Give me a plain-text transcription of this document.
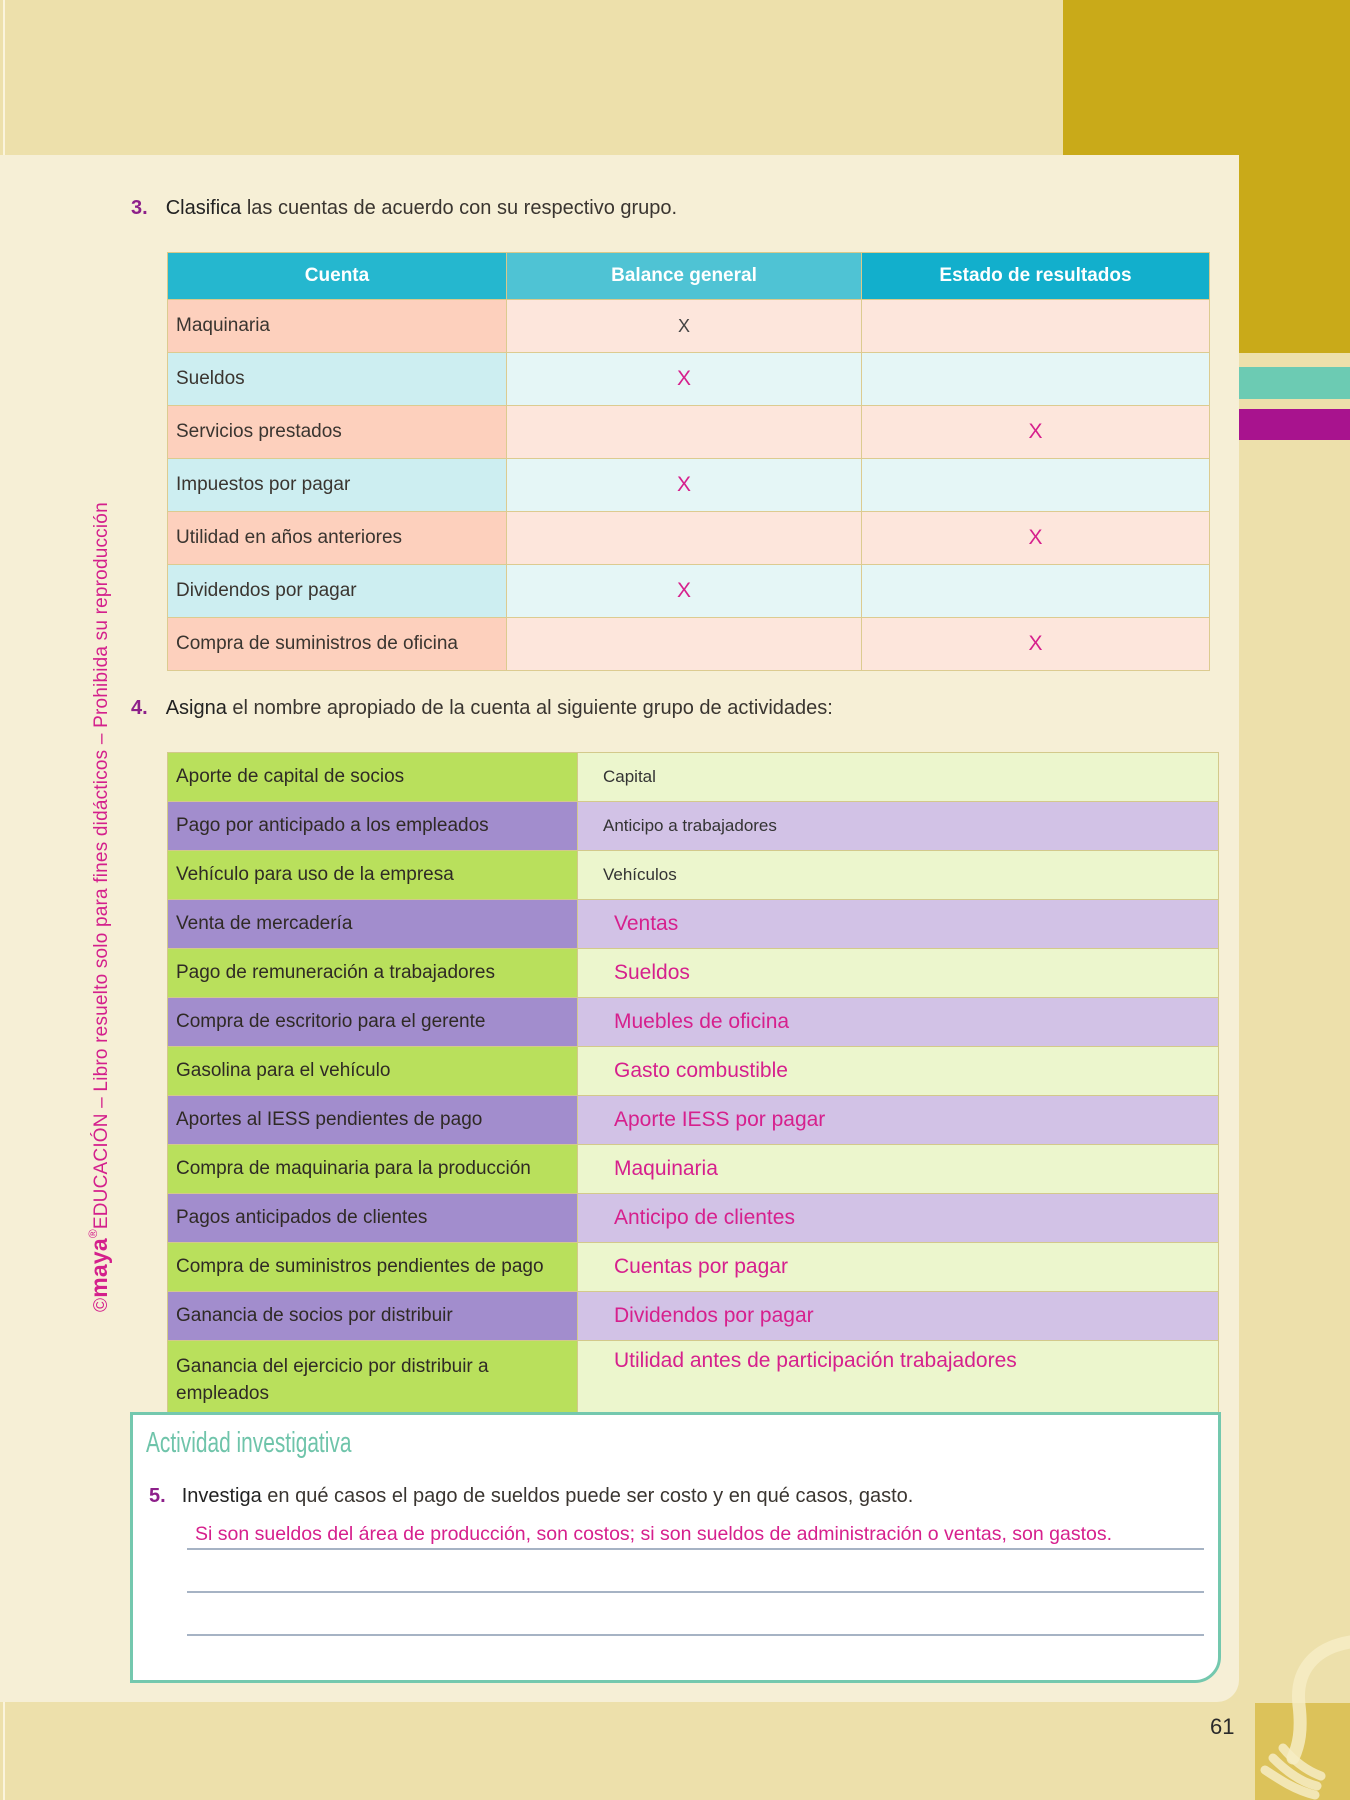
©maya®EDUCACIÓN – Libro resuelto solo para fines didácticos – Prohibida su reproducción
3. Clasifica las cuentas de acuerdo con su respectivo grupo.
Cuenta	Balance general	Estado de resultados
Maquinaria	X	
Sueldos	X	
Servicios prestados		X
Impuestos por pagar	X	
Utilidad en años anteriores		X
Dividendos por pagar	X	
Compra de suministros de oficina		X
4. Asigna el nombre apropiado de la cuenta al siguiente grupo de actividades:
Aporte de capital de socios	Capital
Pago por anticipado a los empleados	Anticipo a trabajadores
Vehículo para uso de la empresa	Vehículos
Venta de mercadería	Ventas
Pago de remuneración a trabajadores	Sueldos
Compra de escritorio para el gerente	Muebles de oficina
Gasolina para el vehículo	Gasto combustible
Aportes al IESS pendientes de pago	Aporte IESS por pagar
Compra de maquinaria para la producción	Maquinaria
Pagos anticipados de clientes	Anticipo de clientes
Compra de suministros pendientes de pago	Cuentas por pagar
Ganancia de socios por distribuir	Dividendos por pagar
Ganancia del ejercicio por distribuir a empleados	Utilidad antes de participación trabajadores
Actividad investigativa
5. Investiga en qué casos el pago de sueldos puede ser costo y en qué casos, gasto.
Si son sueldos del área de producción, son costos; si son sueldos de administración o ventas, son gastos.
61
